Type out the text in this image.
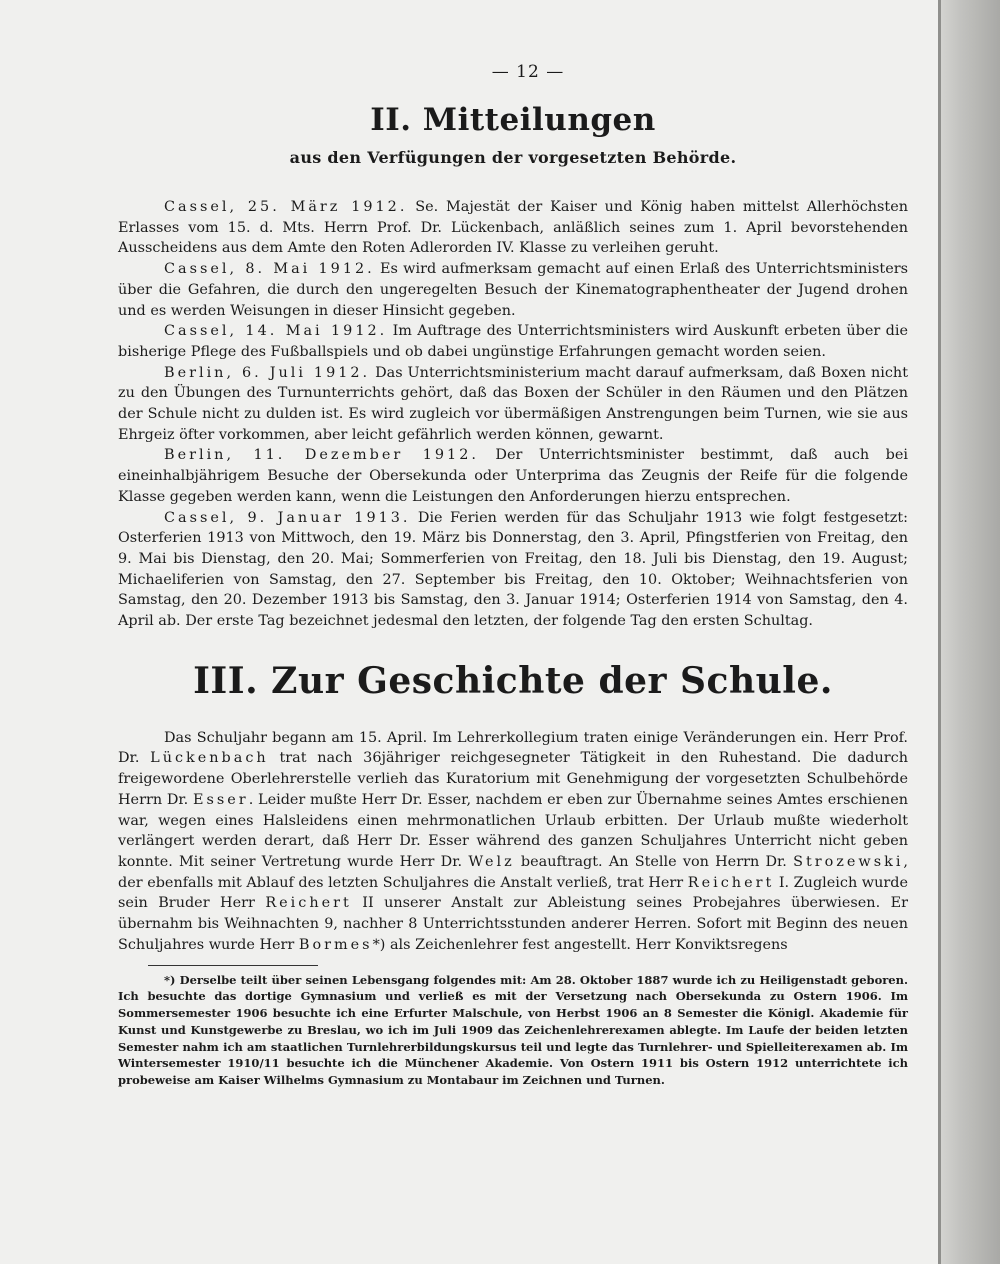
— 12 —
II. Mitteilungen
aus den Verfügungen der vorgesetzten Behörde.

Cassel, 25. März 1912. Se. Majestät der Kaiser und König haben mittelst Allerhöchsten Erlasses vom 15. d. Mts. Herrn Prof. Dr. Lückenbach, anläßlich seines zum 1. April bevorstehenden Ausscheidens aus dem Amte den Roten Adlerorden IV. Klasse zu verleihen geruht.

Cassel, 8. Mai 1912. Es wird aufmerksam gemacht auf einen Erlaß des Unterrichtsministers über die Gefahren, die durch den ungeregelten Besuch der Kinematographentheater der Jugend drohen und es werden Weisungen in dieser Hinsicht gegeben.

Cassel, 14. Mai 1912. Im Auftrage des Unterrichtsministers wird Auskunft erbeten über die bisherige Pflege des Fußballspiels und ob dabei ungünstige Erfahrungen gemacht worden seien.

Berlin, 6. Juli 1912. Das Unterrichtsministerium macht darauf aufmerksam, daß Boxen nicht zu den Übungen des Turnunterrichts gehört, daß das Boxen der Schüler in den Räumen und den Plätzen der Schule nicht zu dulden ist. Es wird zugleich vor übermäßigen Anstrengungen beim Turnen, wie sie aus Ehrgeiz öfter vorkommen, aber leicht gefährlich werden können, gewarnt.

Berlin, 11. Dezember 1912. Der Unterrichtsminister bestimmt, daß auch bei eineinhalbjährigem Besuche der Obersekunda oder Unterprima das Zeugnis der Reife für die folgende Klasse gegeben werden kann, wenn die Leistungen den Anforderungen hierzu entsprechen.

Cassel, 9. Januar 1913. Die Ferien werden für das Schuljahr 1913 wie folgt festgesetzt: Osterferien 1913 von Mittwoch, den 19. März bis Donnerstag, den 3. April, Pfingstferien von Freitag, den 9. Mai bis Dienstag, den 20. Mai; Sommerferien von Freitag, den 18. Juli bis Dienstag, den 19. August; Michaeliferien von Samstag, den 27. September bis Freitag, den 10. Oktober; Weihnachtsferien von Samstag, den 20. Dezember 1913 bis Samstag, den 3. Januar 1914; Osterferien 1914 von Samstag, den 4. April ab. Der erste Tag bezeichnet jedesmal den letzten, der folgende Tag den ersten Schultag.

III. Zur Geschichte der Schule.

Das Schuljahr begann am 15. April. Im Lehrerkollegium traten einige Veränderungen ein. Herr Prof. Dr. Lückenbach trat nach 36jähriger reichgesegneter Tätigkeit in den Ruhestand. Die dadurch freigewordene Oberlehrerstelle verlieh das Kuratorium mit Genehmigung der vorgesetzten Schulbehörde Herrn Dr. Esser. Leider mußte Herr Dr. Esser, nachdem er eben zur Übernahme seines Amtes erschienen war, wegen eines Halsleidens einen mehrmonatlichen Urlaub erbitten. Der Urlaub mußte wiederholt verlängert werden derart, daß Herr Dr. Esser während des ganzen Schuljahres Unterricht nicht geben konnte. Mit seiner Vertretung wurde Herr Dr. Welz beauftragt. An Stelle von Herrn Dr. Strozewski, der ebenfalls mit Ablauf des letzten Schuljahres die Anstalt verließ, trat Herr Reichert I. Zugleich wurde sein Bruder Herr Reichert II unserer Anstalt zur Ableistung seines Probejahres überwiesen. Er übernahm bis Weihnachten 9, nachher 8 Unterrichtsstunden anderer Herren. Sofort mit Beginn des neuen Schuljahres wurde Herr Bormes*) als Zeichenlehrer fest angestellt. Herr Konviktsregens

*) Derselbe teilt über seinen Lebensgang folgendes mit: Am 28. Oktober 1887 wurde ich zu Heiligenstadt geboren. Ich besuchte das dortige Gymnasium und verließ es mit der Versetzung nach Obersekunda zu Ostern 1906. Im Sommersemester 1906 besuchte ich eine Erfurter Malschule, von Herbst 1906 an 8 Semester die Königl. Akademie für Kunst und Kunstgewerbe zu Breslau, wo ich im Juli 1909 das Zeichenlehrerexamen ablegte. Im Laufe der beiden letzten Semester nahm ich am staatlichen Turnlehrerbildungskursus teil und legte das Turnlehrer- und Spielleiterexamen ab. Im Wintersemester 1910/11 besuchte ich die Münchener Akademie. Von Ostern 1911 bis Ostern 1912 unterrichtete ich probeweise am Kaiser Wilhelms Gymnasium zu Montabaur im Zeichnen und Turnen.
